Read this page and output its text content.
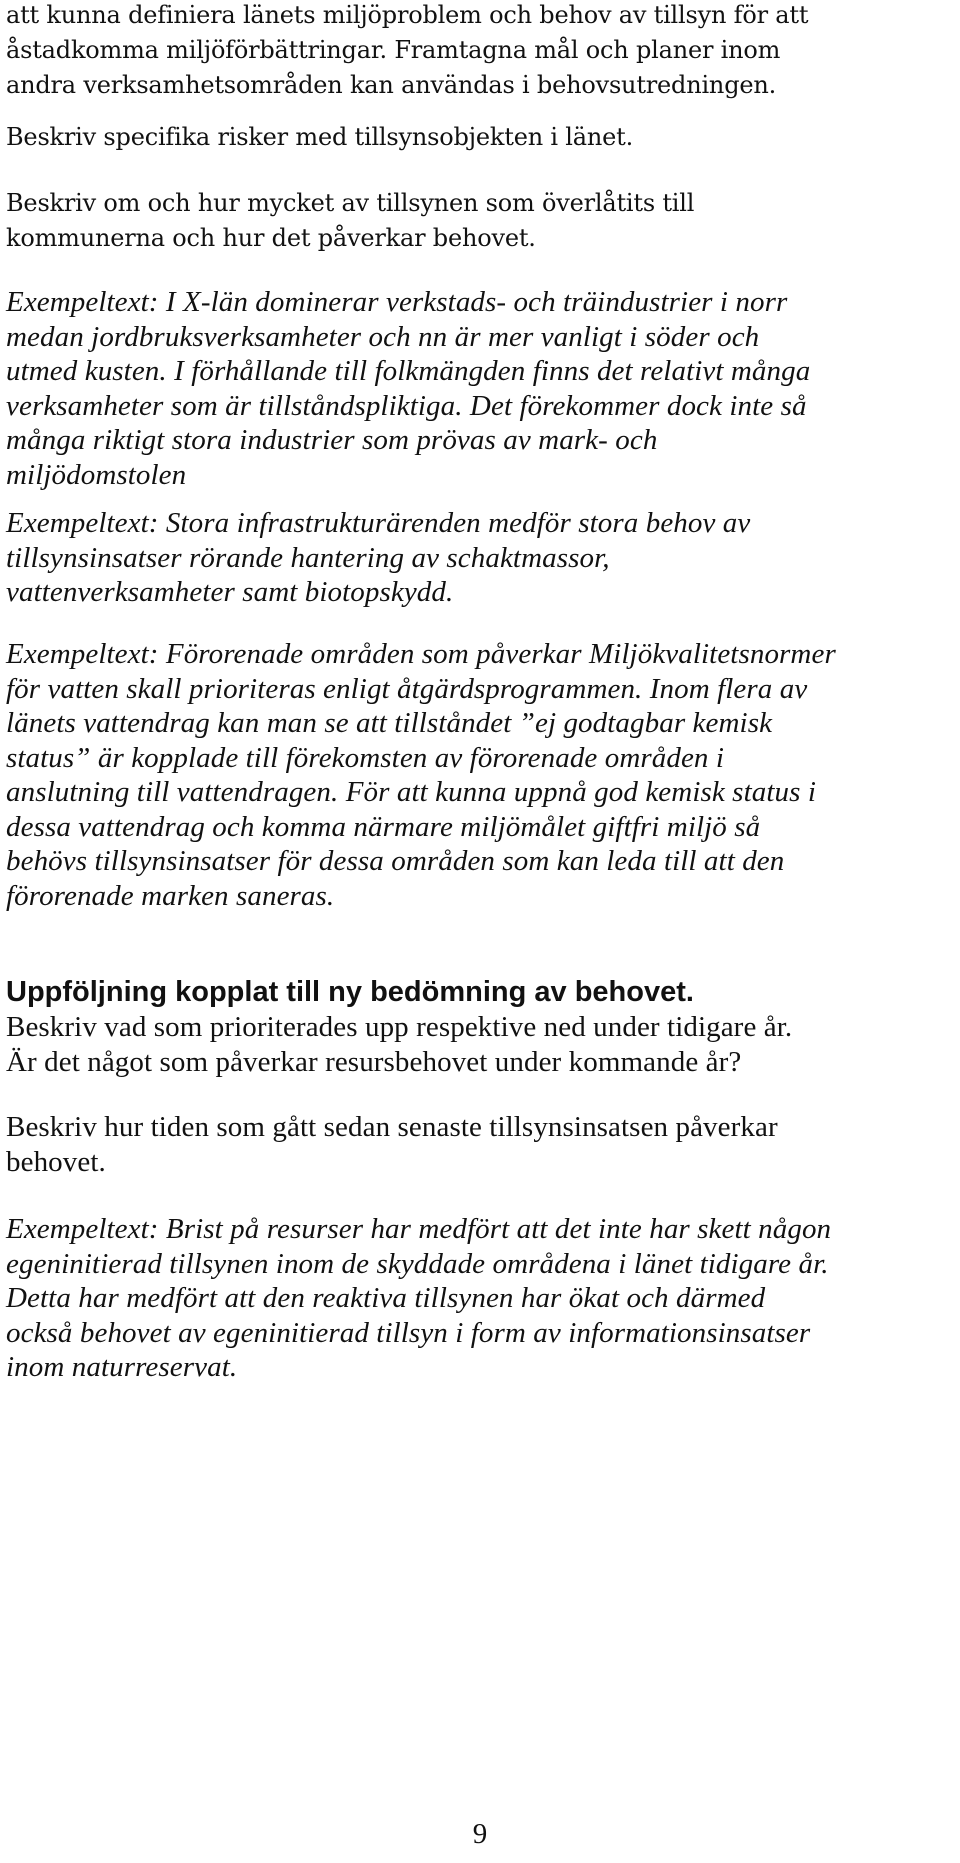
att kunna definiera länets miljöproblem och behov av tillsyn för att
åstadkomma miljöförbättringar. Framtagna mål och planer inom
andra verksamhetsområden kan användas i behovsutredningen.

Beskriv specifika risker med tillsynsobjekten i länet.

Beskriv om och hur mycket av tillsynen som överlåtits till
kommunerna och hur det påverkar behovet.

Exempeltext: I X-län dominerar verkstads- och träindustrier i norr
medan jordbruksverksamheter och nn är mer vanligt i söder och
utmed kusten. I förhållande till folkmängden finns det relativt många
verksamheter som är tillståndspliktiga. Det förekommer dock inte så
många riktigt stora industrier som prövas av mark- och
miljödomstolen

Exempeltext: Stora infrastrukturärenden medför stora behov av
tillsynsinsatser rörande hantering av schaktmassor,
vattenverksamheter samt biotopskydd.

Exempeltext: Förorenade områden som påverkar Miljökvalitetsnormer
för vatten skall prioriteras enligt åtgärdsprogrammen. Inom flera av
länets vattendrag kan man se att tillståndet ”ej godtagbar kemisk
status” är kopplade till förekomsten av förorenade områden i
anslutning till vattendragen. För att kunna uppnå god kemisk status i
dessa vattendrag och komma närmare miljömålet giftfri miljö så
behövs tillsynsinsatser för dessa områden som kan leda till att den
förorenade marken saneras.

Uppföljning kopplat till ny bedömning av behovet.

Beskriv vad som prioriterades upp respektive ned under tidigare år.
Är det något som påverkar resursbehovet under kommande år?

Beskriv hur tiden som gått sedan senaste tillsynsinsatsen påverkar
behovet.

Exempeltext: Brist på resurser har medfört att det inte har skett någon
egeninitierad tillsynen inom de skyddade områdena i länet tidigare år.
Detta har medfört att den reaktiva tillsynen har ökat och därmed
också behovet av egeninitierad tillsyn i form av informationsinsatser
inom naturreservat.

9
